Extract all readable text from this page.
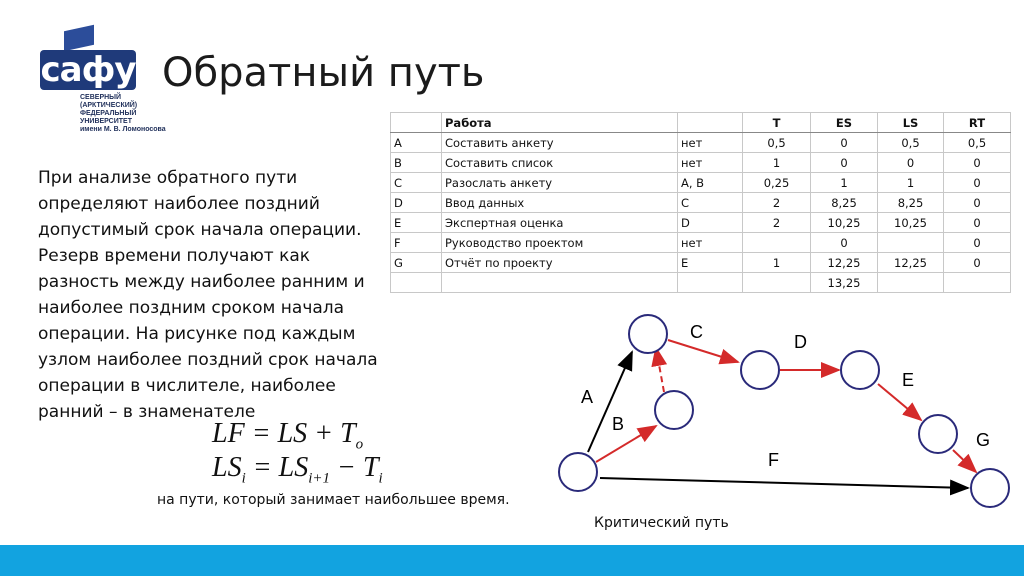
сафу
СЕВЕРНЫЙ
(АРКТИЧЕСКИЙ)
ФЕДЕРАЛЬНЫЙ
УНИВЕРСИТЕТ
имени М. В. Ломоносова
Обратный путь
При анализе обратного пути определяют наиболее поздний допустимый срок начала операции. Резерв времени получают как разность между наиболее ранним и наиболее поздним сроком начала операции. На рисунке под каждым узлом наиболее поздний срок начала операции в числителе, наиболее ранний – в знаменателе
	Работа		T	ES	LS	RT
A	Составить анкету	нет	0,5	0	0,5	0,5
B	Составить список	нет	1	0	0	0
C	Разослать анкету	A, B	0,25	1	1	0
D	Ввод данных	C	2	8,25	8,25	0
E	Экспертная оценка	D	2	10,25	10,25	0
F	Руководство проектом	нет		0		0
G	Отчёт по проекту	E	1	12,25	12,25	0
				13,25		
LF = LS + $T_o$
$LS_i = LS_{i+1} - T_i$
на пути, который занимает наибольшее время.
A
B
C	D
E
F
G
Критический путь
